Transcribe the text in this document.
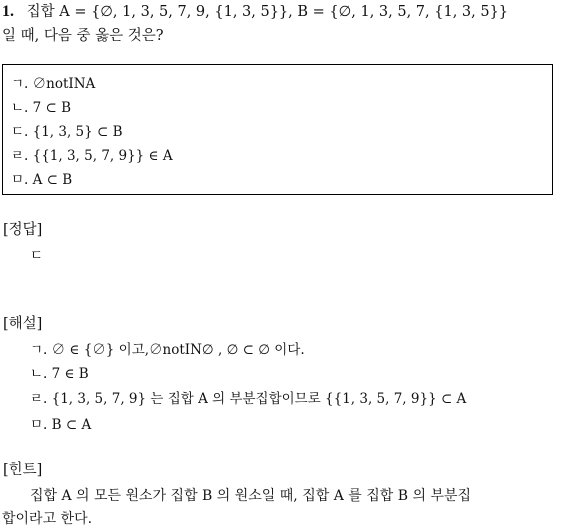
1. 집합 A = {∅, 1, 3, 5, 7, 9, {1, 3, 5}}, B = {∅, 1, 3, 5, 7, {1, 3, 5}}
일 때, 다음 중 옳은 것은?
ㄱ. ∅notINA
ㄴ. 7 ⊂ B
ㄷ. {1, 3, 5} ⊂ B
ㄹ. {{1, 3, 5, 7, 9}} ∈ A
ㅁ. A ⊂ B
[정답]
ㄷ
[해설]
ㄱ. ∅ ∈ {∅} 이고,∅notIN∅ , ∅ ⊂ ∅ 이다.
ㄴ. 7 ∈ B
ㄹ. {1, 3, 5, 7, 9} 는 집합 A 의 부분집합이므로 {{1, 3, 5, 7, 9}} ⊂ A
ㅁ. B ⊂ A
[힌트]
집합 A 의 모든 원소가 집합 B 의 원소일 때, 집합 A 를 집합 B 의 부분집
합이라고 한다.
